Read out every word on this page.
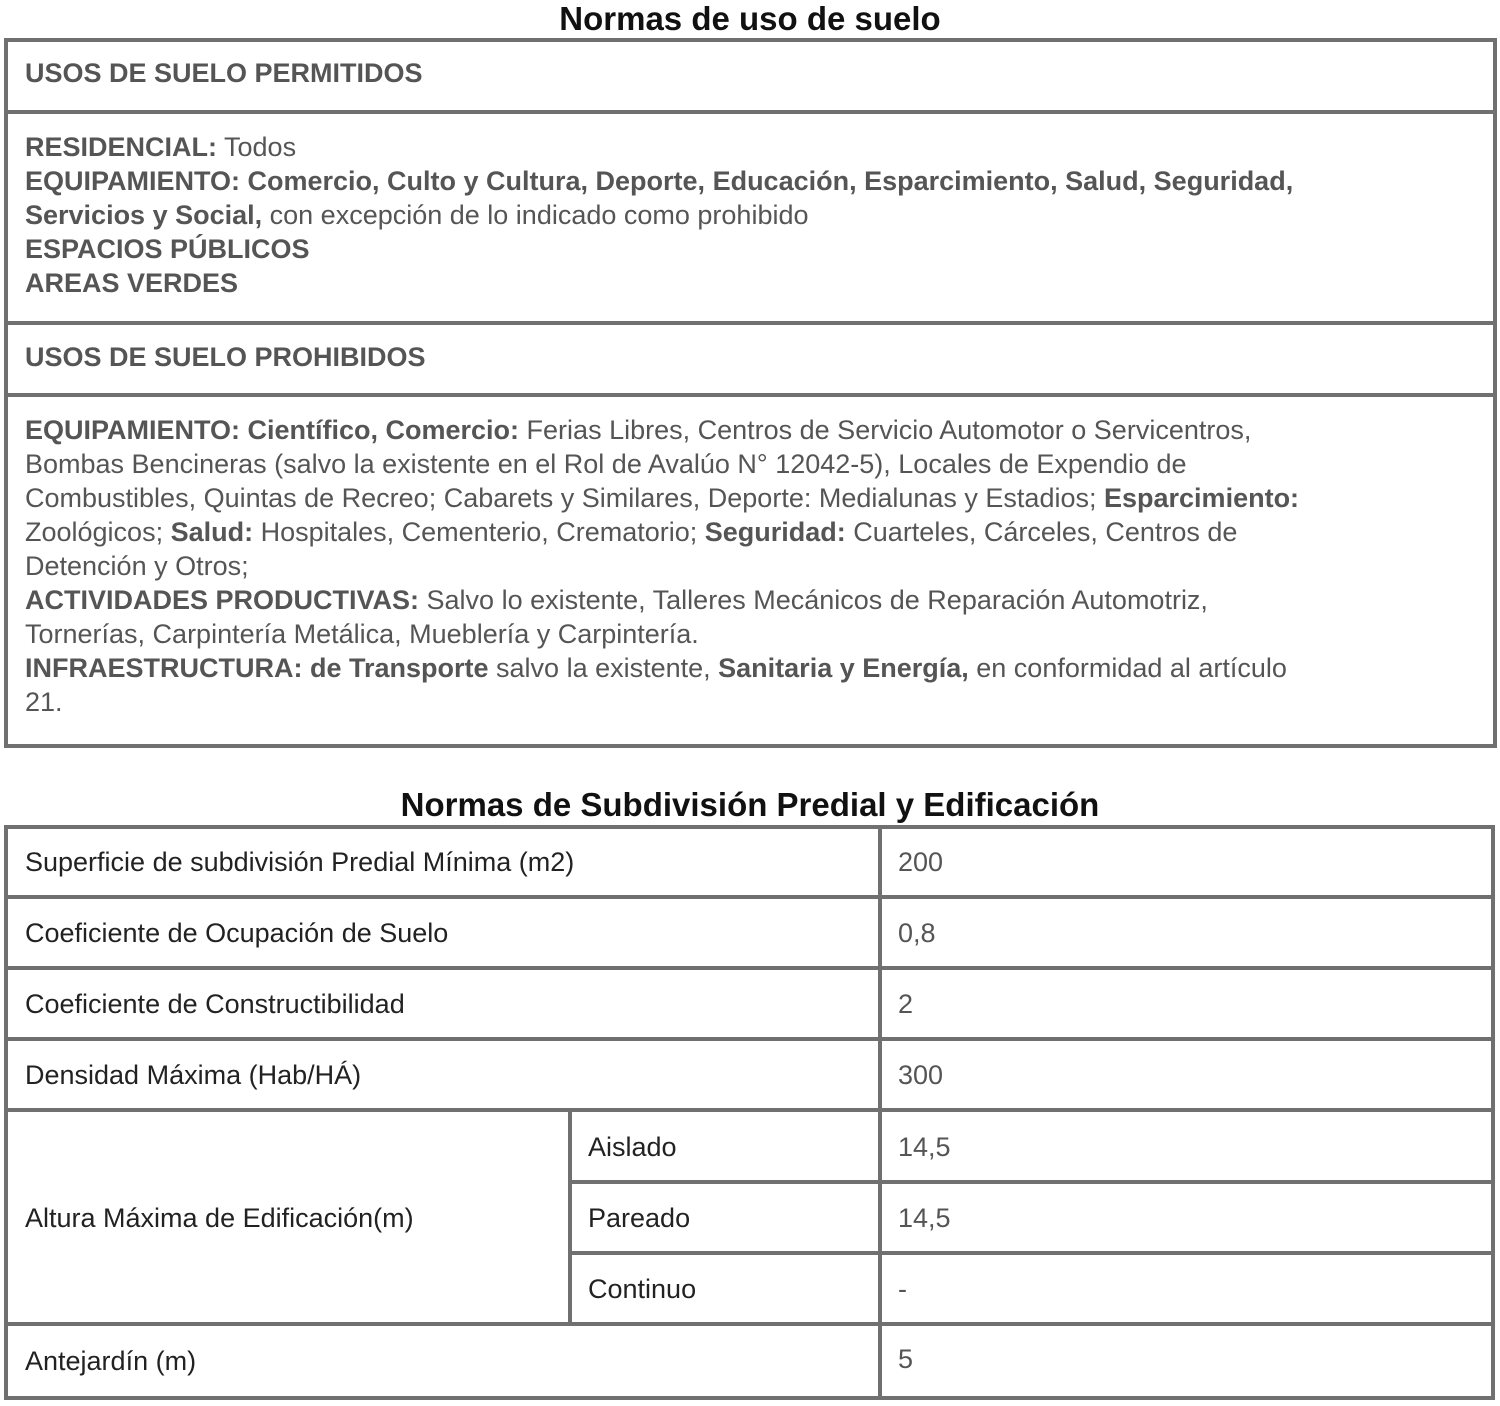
Normas de uso de suelo
USOS DE SUELO PERMITIDOS
RESIDENCIAL: Todos
EQUIPAMIENTO: Comercio, Culto y Cultura, Deporte, Educación, Esparcimiento, Salud, Seguridad,
Servicios y Social, con excepción de lo indicado como prohibido
ESPACIOS PÚBLICOS
AREAS VERDES
USOS DE SUELO PROHIBIDOS
EQUIPAMIENTO: Científico, Comercio: Ferias Libres, Centros de Servicio Automotor o Servicentros,
Bombas Bencineras (salvo la existente en el Rol de Avalúo N° 12042-5), Locales de Expendio de
Combustibles, Quintas de Recreo; Cabarets y Similares, Deporte: Medialunas y Estadios; Esparcimiento:
Zoológicos; Salud: Hospitales, Cementerio, Crematorio; Seguridad: Cuarteles, Cárceles, Centros de
Detención y Otros;
ACTIVIDADES PRODUCTIVAS: Salvo lo existente, Talleres Mecánicos de Reparación Automotriz,
Tornerías, Carpintería Metálica, Mueblería y Carpintería.
INFRAESTRUCTURA: de Transporte salvo la existente, Sanitaria y Energía, en conformidad al artículo
21.
Normas de Subdivisión Predial y Edificación
Superficie de subdivisión Predial Mínima (m2)	200
Coeficiente de Ocupación de Suelo	0,8
Coeficiente de Constructibilidad	2
Densidad Máxima (Hab/HÁ)	300
Altura Máxima de Edificación(m)
Aislado	14,5
Pareado	14,5
Continuo	-
Antejardín (m)	5
